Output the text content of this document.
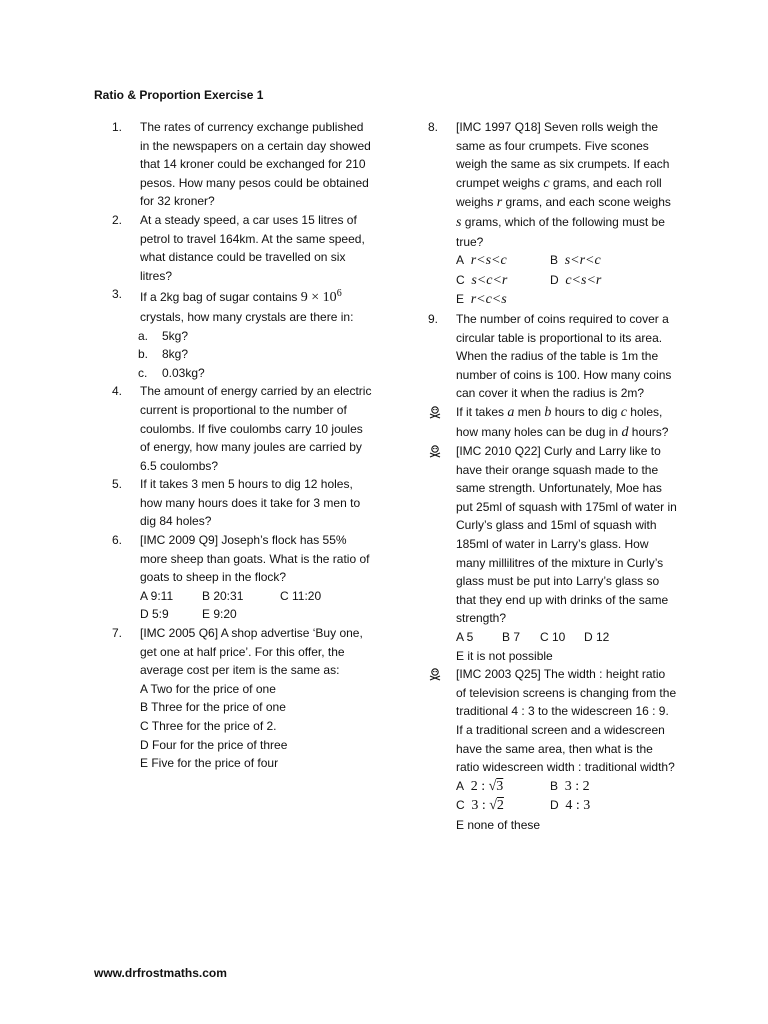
Ratio & Proportion Exercise 1
1.	The rates of currency exchange published in the newspapers on a certain day showed that 14 kroner could be exchanged for 210 pesos. How many pesos could be obtained for 32 kroner?
2.	At a steady speed, a car uses 15 litres of petrol to travel 164km. At the same speed, what distance could be travelled on six litres?
3.	If a 2kg bag of sugar contains $9 \times 10^6$ crystals, how many crystals are there in:
a. 5kg?
b. 8kg?
c. 0.03kg?
4.	The amount of energy carried by an electric current is proportional to the number of coulombs. If five coulombs carry 10 joules of energy, how many joules are carried by 6.5 coulombs?
5.	If it takes 3 men 5 hours to dig 12 holes, how many hours does it take for 3 men to dig 84 holes?
6.	[IMC 2009 Q9] Joseph’s flock has 55% more sheep than goats. What is the ratio of goats to sheep in the flock?
A 9:11 B 20:31	C 11:20
D 5:9	E 9:20
7.	[IMC 2005 Q6] A shop advertise ‘Buy one, get one at half price’. For this offer, the average cost per item is the same as:
A Two for the price of one
B Three for the price of one
C Three for the price of 2.
D Four for the price of three
E Five for the price of four
8.	[IMC 1997 Q18] Seven rolls weigh the same as four crumpets. Five scones weigh the same as six crumpets. If each crumpet weighs c grams, and each roll weighs r grams, and each scone weighs s grams, which of the following must be true?
A r<s<c	B s<r<c
C s<c<r	D c<s<r
E r<c<s
9.	The number of coins required to cover a circular table is proportional to its area. When the radius of the table is 1m the number of coins is 100. How many coins can cover it when the radius is 2m?
If it takes a men b hours to dig c holes, how many holes can be dug in d hours?
[IMC 2010 Q22] Curly and Larry like to have their orange squash made to the same strength. Unfortunately, Moe has put 25ml of squash with 175ml of water in Curly’s glass and 15ml of squash with 185ml of water in Larry’s glass. How many millilitres of the mixture in Curly’s glass must be put into Larry’s glass so that they end up with drinks of the same strength?
A 5 B 7 C 10 D 12
E it is not possible
[IMC 2003 Q25] The width : height ratio of television screens is changing from the traditional 4 : 3 to the widescreen 16 : 9. If a traditional screen and a widescreen have the same area, then what is the ratio widescreen width : traditional width?
A 2 : √3	B 3 : 2
C 3 : √2	D 4 : 3
E none of these
www.drfrostmaths.com
